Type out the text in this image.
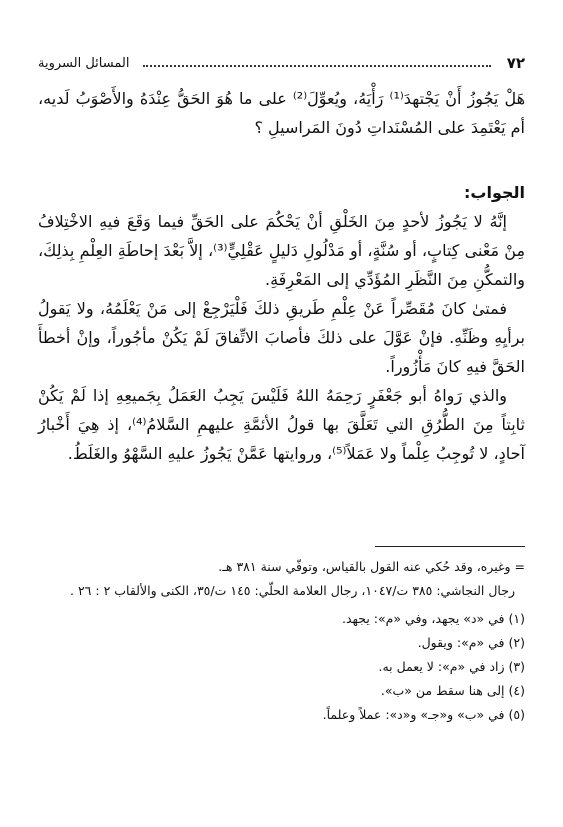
٧٢
المسائل السروية

هَلْ يَجُوزُ أَنْ يَجْتهدَ⁽¹⁾ رَأْيَهُ، ويُعوِّلَ⁽²⁾ على ما هُوَ الحَقُّ عِنْدَهُ والأَصْوَبُ لَديه، أم يَعْتَمِدَ على المُسْنَداتِ دُونَ المَراسيلِ ؟

الجواب:

إنَّهُ لا يَجُوزُ لأحدٍ مِنَ الخَلْقِ أنْ يَحْكُمَ على الحَقِّ فيما وَقَعَ فيهِ الاخْتِلافُ مِنْ مَعْنى كِتابٍ، أو سُنَّةٍ، أو مَدْلُولِ دَليلٍ عَقْلِيٍّ⁽³⁾، إلاَّ بَعْدَ إحاطَةِ العِلْمِ بِذلِكَ، والتمكُّنِ مِنَ النَّظَرِ المُؤَدِّي إلى المَعْرِفَةِ.

فمتىٰ كانَ مُقَصِّراً عَنْ عِلْمِ طَريقِ ذلكَ فَلْيَرْجِعْ إلى مَنْ يَعْلَمُهُ، ولا يَقولُ برأيِهِ وظَنِّهِ. فإنْ عَوَّلَ على ذلكَ فأصابَ الاتِّفاقَ لَمْ يَكُنْ مأجُوراً، وإنْ أخطأَ الحَقَّ فيهِ كانَ مَأْزُوراً.

والذي رَواهُ أبو جَعْفَرٍ رَحِمَهُ اللهُ فَلَيْسَ يَجِبُ العَمَلُ بِجَميعِهِ إذا لَمْ يَكُنْ ثابِتاً مِنَ الطُّرُقِ التي تَعَلَّقَ بها قولُ الأئمَّةِ عليهمِ السَّلامُ⁽⁴⁾، إذ هِيَ أَخْبارُ آحادٍ، لا تُوجِبُ عِلْماً ولا عَمَلاً⁽⁵⁾، وروايتها عَمَّنْ يَجُوزُ عليهِ السَّهْوُ والغَلَطُ.

= وغيره، وقد حُكي عنه القول بالقياس، وتوفّي سنة ٣٨١ هـ.

رجال النجاشي: ٣٨٥ ت/١٠٤٧، رجال العلامة الحلّي: ١٤٥ ت/٣٥، الكنى والألقاب ٢ : ٢٦ .

(١) في «د» يجهد، وفي «م»: يجهد.

(٢) في «م»: ويقول.

(٣) زاد في «م»: لا يعمل به.

(٤) إلى هنا سقط من «ب».

(٥) في «ب» و«جـ» و«د»: عملاً وعلماً.
